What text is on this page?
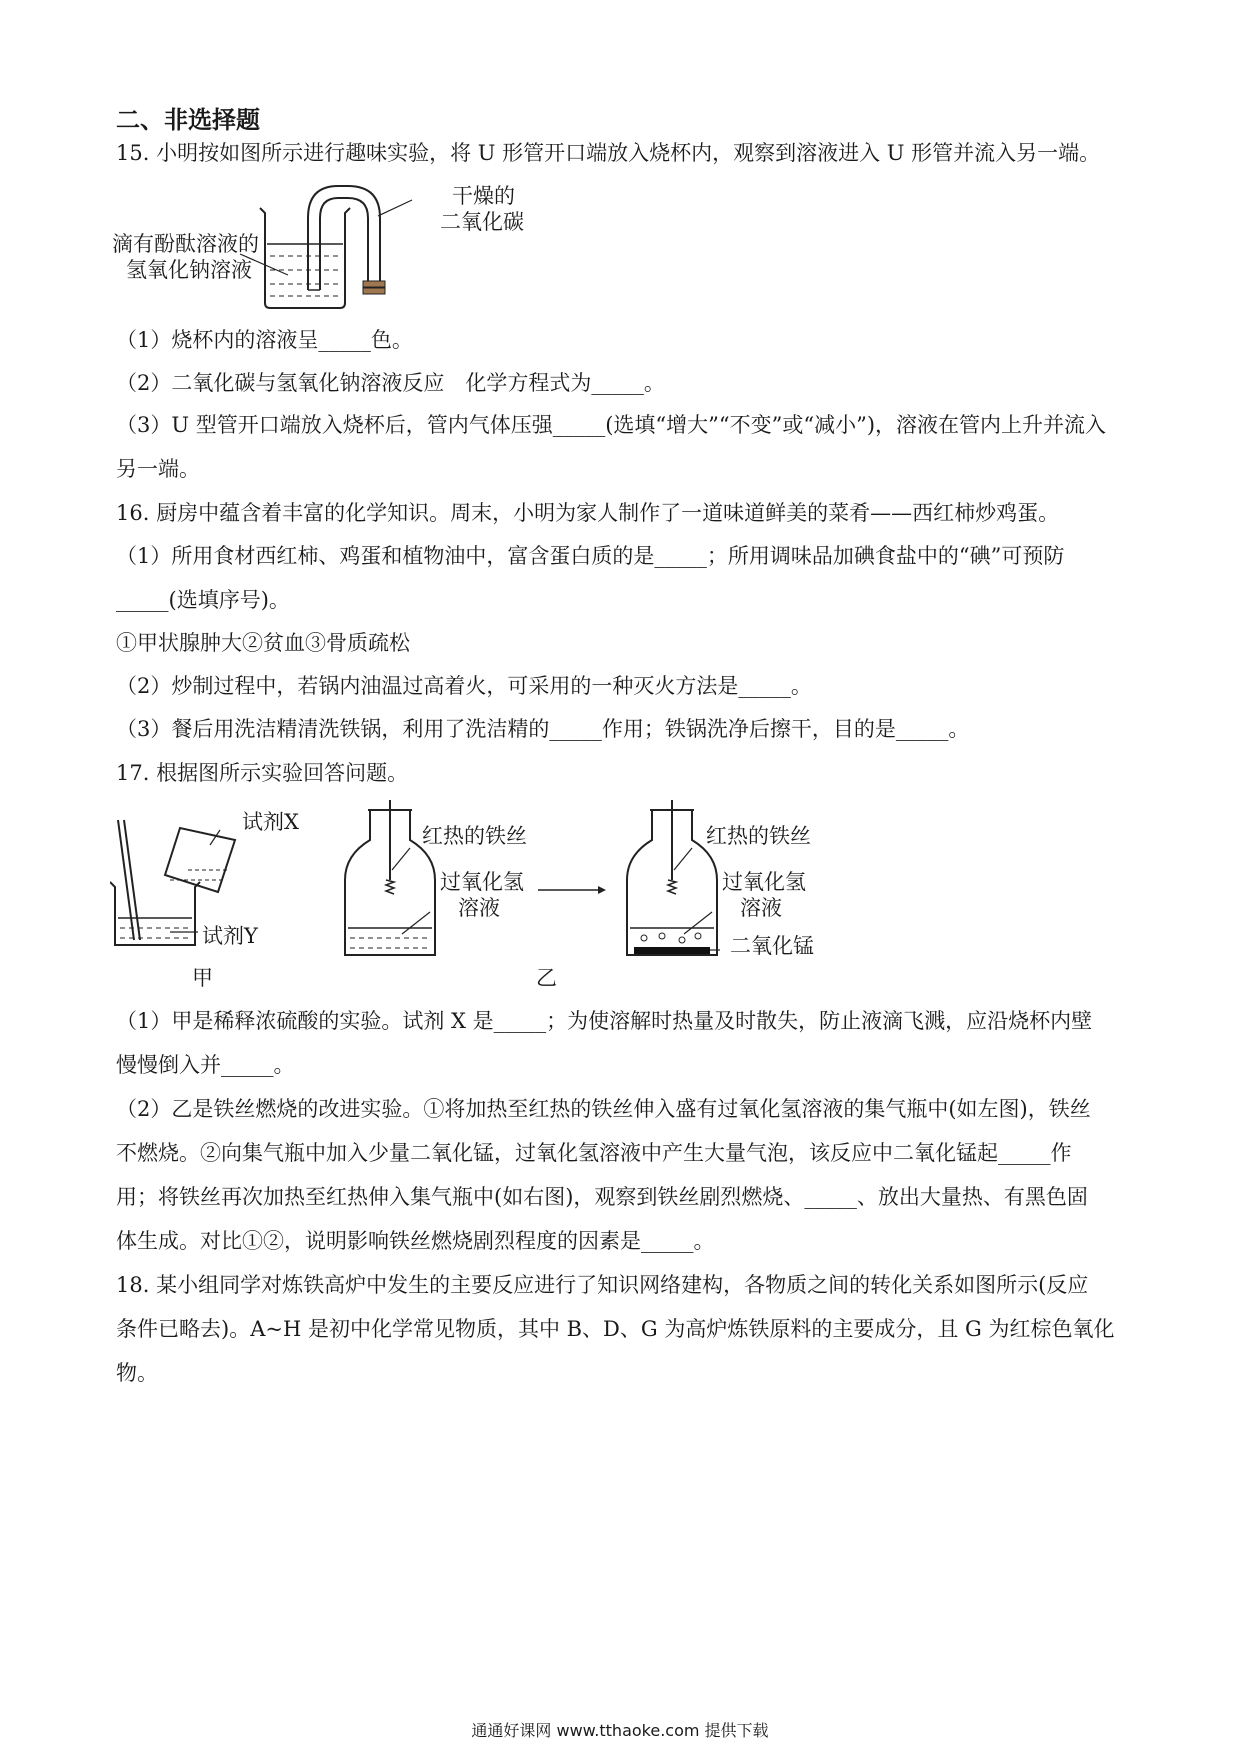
二、非选择题
15. 小明按如图所示进行趣味实验，将 U 形管开口端放入烧杯内，观察到溶液进入 U 形管并流入另一端。
滴有酚酞溶液的
氢氧化钠溶液
干燥的
二氧化碳
（1）烧杯内的溶液呈_____色。
（2）二氧化碳与氢氧化钠溶液反应　化学方程式为_____。
（3）U 型管开口端放入烧杯后，管内气体压强_____(选填“增大”“不变”或“减小”)，溶液在管内上升并流入
另一端。
16. 厨房中蕴含着丰富的化学知识。周末，小明为家人制作了一道味道鲜美的菜肴——西红柿炒鸡蛋。
（1）所用食材西红柿、鸡蛋和植物油中，富含蛋白质的是_____；所用调味品加碘食盐中的“碘”可预防
_____(选填序号)。
①甲状腺肿大②贫血③骨质疏松
（2）炒制过程中，若锅内油温过高着火，可采用的一种灭火方法是_____。
（3）餐后用洗洁精清洗铁锅，利用了洗洁精的_____作用；铁锅洗净后擦干，目的是_____。
17. 根据图所示实验回答问题。
试剂X
试剂Y
甲
红热的铁丝
过氧化氢
溶液
红热的铁丝
过氧化氢
溶液
二氧化锰
乙
（1）甲是稀释浓硫酸的实验。试剂 X 是_____；为使溶解时热量及时散失，防止液滴飞溅，应沿烧杯内壁
慢慢倒入并_____。
（2）乙是铁丝燃烧的改进实验。①将加热至红热的铁丝伸入盛有过氧化氢溶液的集气瓶中(如左图)，铁丝
不燃烧。②向集气瓶中加入少量二氧化锰，过氧化氢溶液中产生大量气泡，该反应中二氧化锰起_____作
用；将铁丝再次加热至红热伸入集气瓶中(如右图)，观察到铁丝剧烈燃烧、_____、放出大量热、有黑色固
体生成。对比①②，说明影响铁丝燃烧剧烈程度的因素是_____。
18. 某小组同学对炼铁高炉中发生的主要反应进行了知识网络建构，各物质之间的转化关系如图所示(反应
条件已略去)。A~H 是初中化学常见物质，其中 B、D、G 为高炉炼铁原料的主要成分，且 G 为红棕色氧化
物。
通通好课网 www.tthaoke.com 提供下载
